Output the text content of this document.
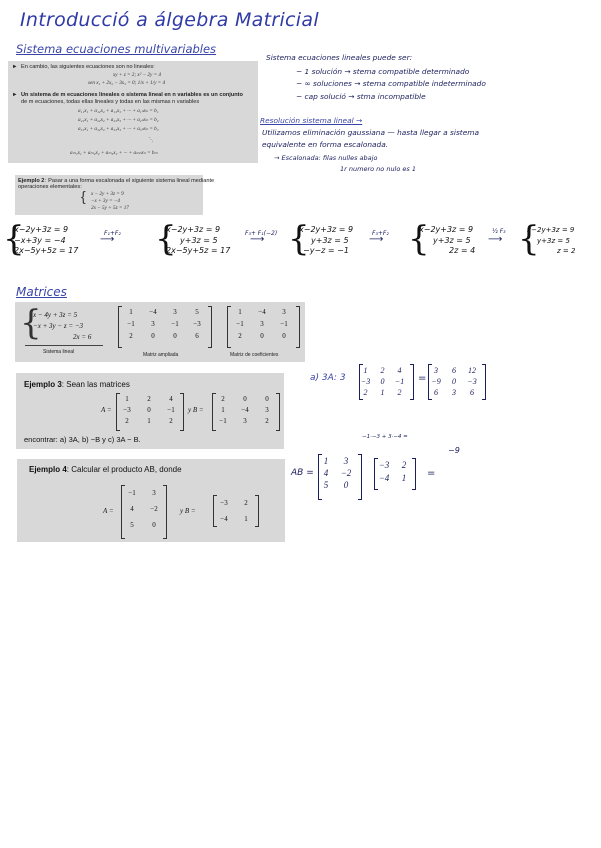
Introducció a álgebra Matricial
Sistema ecuaciones multivariables
► En cambio, las siguientes ecuaciones son no lineales:
xy + z = 2; x² − 2y = 4
sen x₁ + 2x₂ − 3x₃ = 0; 1/x + 1/y = 4
► Un sistema de m ecuaciones lineales o sistema lineal en n variables es un conjunto
de m ecuaciones, todas ellas lineales y todas en las mismas n variables
a₁₁x₁ + a₁₂x₂ + a₁₃x₃ + ··· + a₁ₙxₙ = b₁
a₂₁x₁ + a₂₂x₂ + a₂₃x₃ + ··· + a₂ₙxₙ = b₂
a₃₁x₁ + a₃₂x₂ + a₃₃x₃ + ··· + a₃ₙxₙ = b₃
⋱
aₘ₁x₁ + aₘ₂x₂ + aₘ₃x₃ + ··· + aₘₙxₙ = bₘ
Sistema ecuaciones lineales puede ser:
− 1 solución → stema compatible determinado
− ∞ soluciones → stema compatible indeterminado
− cap solució → stma incompatible
Resolución sistema lineal →
Utilizamos eliminación gaussiana — hasta llegar a sistema
equivalente en forma escalonada.
→ Escalonada: filas nulles abajo
1r numero no nulo es 1
Ejemplo 2 : Pasar a una forma escalonada el siguiente sistema lineal mediante
operaciones elementales:
{ x − 2y + 3z = 9
−x + 3y = −4
2x − 5y + 5z = 17
{
x−2y+3z = 9
−x+3y = −4
2x−5y+5z = 17
F₁+F₂
⟶ {
x−2y+3z = 9
y+3z = 5
2x−5y+5z = 17
F₃+ F₁(−2)
⟶ {
x−2y+3z = 9
y+3z = 5
−y−z = −1
F₃+F₂
⟶ {
x−2y+3z = 9
y+3z = 5
2z = 4
½ F₃
⟶ {
x−2y+3z = 9
y+3z = 5
z = 2
Matrices
{
x − 4y + 3z = 5
−x + 3y − z = −3
2x = 6
Sistema lineal
1	−4	3	5
−1	3	−1	−3
2	0	0	6
Matriz ampliada
1	−4	3
−1	3	−1
2	0	0
Matriz de coeficientes
Ejemplo 3: Sean las matrices
A =
1	2	4
−3	0	−1
2	1	2
y B =
2	0	0
1	−4	3
−1	3	2
encontrar: a) 3A, b) −B y c) 3A − B.
a) 3A: 3
1	2	4
−3	0	−1
2	1	2
=
3	6	12
−9	0	−3
6	3	6
−1·−3 + 3·−4 =
Ejemplo 4: Calcular el producto AB, donde
A =
−1	3
4	−2
5	0
y B =
−3	2
−4	1
AB =
1	3
4	−2
5	0
−3	2
−4	1	=
−9
